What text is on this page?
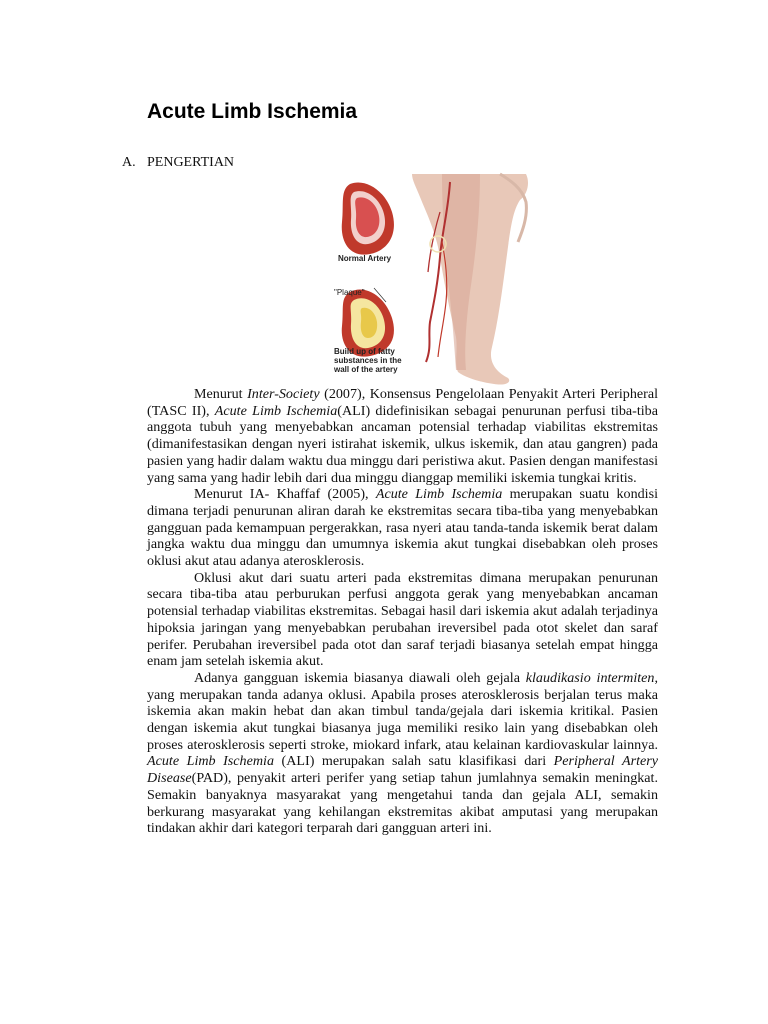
Acute Limb Ischemia
A. PENGERTIAN
Normal Artery
"Plaque"
Build up of fatty
substances in the
wall of the artery

Menurut Inter-Society (2007), Konsensus Pengelolaan Penyakit Arteri Peripheral (TASC II), Acute Limb Ischemia(ALI) didefinisikan sebagai penurunan perfusi tiba-tiba anggota tubuh yang menyebabkan ancaman potensial terhadap viabilitas ekstremitas (dimanifestasikan dengan nyeri istirahat iskemik, ulkus iskemik, dan atau gangren) pada pasien yang hadir dalam waktu dua minggu dari peristiwa akut. Pasien dengan manifestasi yang sama yang hadir lebih dari dua minggu dianggap memiliki iskemia tungkai kritis.

Menurut IA- Khaffaf (2005), Acute Limb Ischemia merupakan suatu kondisi dimana terjadi penurunan aliran darah ke ekstremitas secara tiba-tiba yang menyebabkan gangguan pada kemampuan pergerakkan, rasa nyeri atau tanda-tanda iskemik berat dalam jangka waktu dua minggu dan umumnya iskemia akut tungkai disebabkan oleh proses oklusi akut atau adanya aterosklerosis.

Oklusi akut dari suatu arteri pada ekstremitas dimana merupakan penurunan secara tiba-tiba atau perburukan perfusi anggota gerak yang menyebabkan ancaman potensial terhadap viabilitas ekstremitas. Sebagai hasil dari iskemia akut adalah terjadinya hipoksia jaringan yang menyebabkan perubahan ireversibel pada otot skelet dan saraf perifer. Perubahan ireversibel pada otot dan saraf terjadi biasanya setelah empat hingga enam jam setelah iskemia akut.

Adanya gangguan iskemia biasanya diawali oleh gejala klaudikasio intermiten, yang merupakan tanda adanya oklusi. Apabila proses aterosklerosis berjalan terus maka iskemia akan makin hebat dan akan timbul tanda/gejala dari iskemia kritikal. Pasien dengan iskemia akut tungkai biasanya juga memiliki resiko lain yang disebabkan oleh proses aterosklerosis seperti stroke, miokard infark, atau kelainan kardiovaskular lainnya.

Acute Limb Ischemia (ALI) merupakan salah satu klasifikasi dari Peripheral Artery Disease(PAD), penyakit arteri perifer yang setiap tahun jumlahnya semakin meningkat. Semakin banyaknya masyarakat yang mengetahui tanda dan gejala ALI, semakin berkurang masyarakat yang kehilangan ekstremitas akibat amputasi yang merupakan tindakan akhir dari kategori terparah dari gangguan arteri ini.
